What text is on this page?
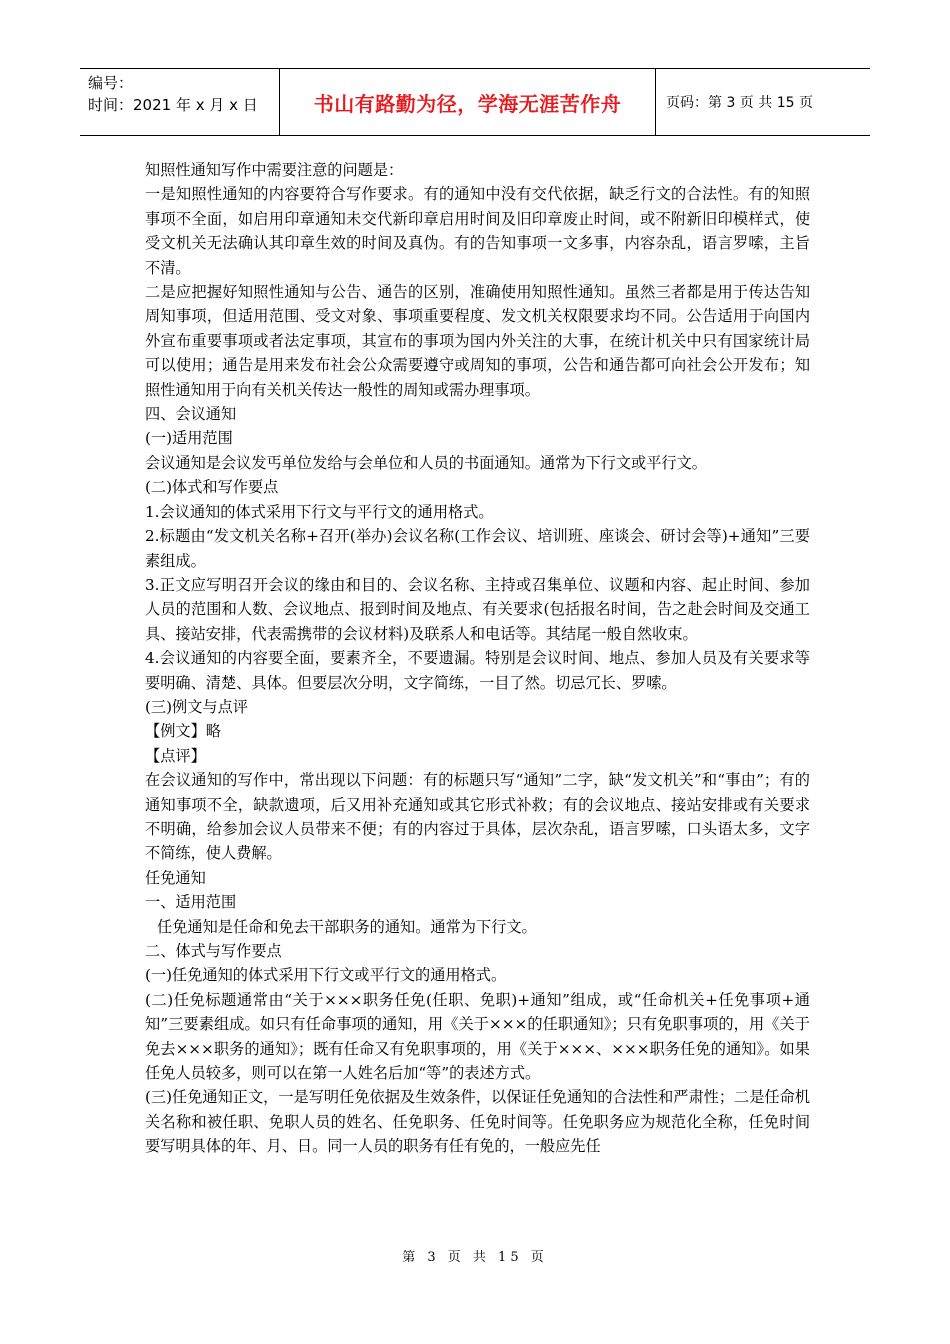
编号：
时间：2021 年 x 月 x 日	书山有路勤为径，学海无涯苦作舟	页码：第 3 页 共 15 页

知照性通知写作中需要注意的问题是：

一是知照性通知的内容要符合写作要求。有的通知中没有交代依据，缺乏行文的合法性。有的知照事项不全面，如启用印章通知未交代新印章启用时间及旧印章废止时间，或不附新旧印模样式，使受文机关无法确认其印章生效的时间及真伪。有的告知事项一文多事，内容杂乱，语言罗嗦，主旨不清。

二是应把握好知照性通知与公告、通告的区别，准确使用知照性通知。虽然三者都是用于传达告知周知事项，但适用范围、受文对象、事项重要程度、发文机关权限要求均不同。公告适用于向国内外宣布重要事项或者法定事项，其宣布的事项为国内外关注的大事，在统计机关中只有国家统计局可以使用；通告是用来发布社会公众需要遵守或周知的事项，公告和通告都可向社会公开发布；知照性通知用于向有关机关传达一般性的周知或需办理事项。

四、会议通知

(一)适用范围

会议通知是会议发丐单位发给与会单位和人员的书面通知。通常为下行文或平行文。

(二)体式和写作要点

1.会议通知的体式采用下行文与平行文的通用格式。

2.标题由“发文机关名称+召开(举办)会议名称(工作会议、培训班、座谈会、研讨会等)+通知”三要素组成。

3.正文应写明召开会议的缘由和目的、会议名称、主持或召集单位、议题和内容、起止时间、参加人员的范围和人数、会议地点、报到时间及地点、有关要求(包括报名时间，告之赴会时间及交通工具、接站安排，代表需携带的会议材料)及联系人和电话等。其结尾一般自然收束。

4.会议通知的内容要全面，要素齐全，不要遗漏。特别是会议时间、地点、参加人员及有关要求等要明确、清楚、具体。但要层次分明，文字简练，一目了然。切忌冗长、罗嗦。

(三)例文与点评

【例文】略

【点评】

在会议通知的写作中，常出现以下问题：有的标题只写“通知”二字，缺“发文机关”和“事由”；有的通知事项不全，缺款遗项，后又用补充通知或其它形式补救；有的会议地点、接站安排或有关要求不明确，给参加会议人员带来不便；有的内容过于具体，层次杂乱，语言罗嗦，口头语太多，文字不简练，使人费解。

任免通知

一、适用范围

任免通知是任命和免去干部职务的通知。通常为下行文。

二、体式与写作要点

(一)任免通知的体式采用下行文或平行文的通用格式。

(二)任免标题通常由“关于×××职务任免(任职、免职)+通知”组成，或“任命机关+任免事项+通知”三要素组成。如只有任命事项的通知，用《关于×××的任职通知》；只有免职事项的，用《关于免去×××职务的通知》；既有任命又有免职事项的，用《关于×××、×××职务任免的通知》。如果任免人员较多，则可以在第一人姓名后加“等”的表述方式。

(三)任免通知正文，一是写明任免依据及生效条件，以保证任免通知的合法性和严肃性；二是任命机关名称和被任职、免职人员的姓名、任免职务、任免时间等。任免职务应为规范化全称，任免时间要写明具体的年、月、日。同一人员的职务有任有免的，一般应先任

第 3 页 共 15 页
